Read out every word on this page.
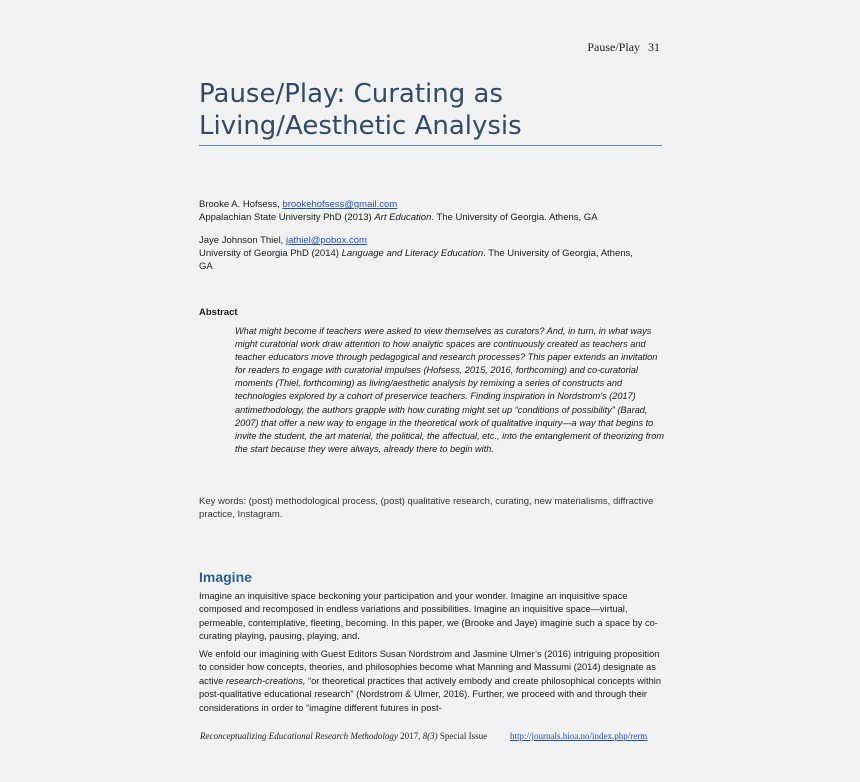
Pause/Play 31
Pause/Play: Curating as
Living/Aesthetic Analysis
Brooke A. Hofsess, brookehofsess@gmail.com
Appalachian State University PhD (2013) Art Education. The University of Georgia. Athens, GA
Jaye Johnson Thiel, jathiel@pobox.com
University of Georgia PhD (2014) Language and Literacy Education. The University of Georgia, Athens,
GA
Abstract
What might become if teachers were asked to view themselves as curators? And, in turn, in what ways might curatorial work draw attention to how analytic spaces are continuously created as teachers and teacher educators move through pedagogical and research processes? This paper extends an invitation for readers to engage with curatorial impulses (Hofsess, 2015, 2016, forthcoming) and co-curatorial moments (Thiel, forthcoming) as living/aesthetic analysis by remixing a series of constructs and technologies explored by a cohort of preservice teachers. Finding inspiration in Nordstrom’s (2017) antimethodology, the authors grapple with how curating might set up “conditions of possibility” (Barad, 2007) that offer a new way to engage in the theoretical work of qualitative inquiry—a way that begins to invite the student, the art material, the political, the affectual, etc., into the entanglement of theorizing from the start because they were always, already there to begin with.
Key words: (post) methodological process, (post) qualitative research, curating, new materialisms, diffractive practice, Instagram.
Imagine
Imagine an inquisitive space beckoning your participation and your wonder. Imagine an inquisitive space composed and recomposed in endless variations and possibilities. Imagine an inquisitive space—virtual, permeable, contemplative, fleeting, becoming. In this paper, we (Brooke and Jaye) imagine such a space by co-curating playing, pausing, playing, and.
We enfold our imagining with Guest Editors Susan Nordstrom and Jasmine Ulmer’s (2016) intriguing proposition to consider how concepts, theories, and philosophies become what Manning and Massumi (2014) designate as active research-creations, “or theoretical practices that actively embody and create philosophical concepts within post-qualitative educational research” (Nordstrom & Ulmer, 2016). Further, we proceed with and through their considerations in order to “imagine different futures in post-
Reconceptualizing Educational Research Methodology 2017, 8(3) Special Issue	http://journals.hioa.no/index.php/rerm
